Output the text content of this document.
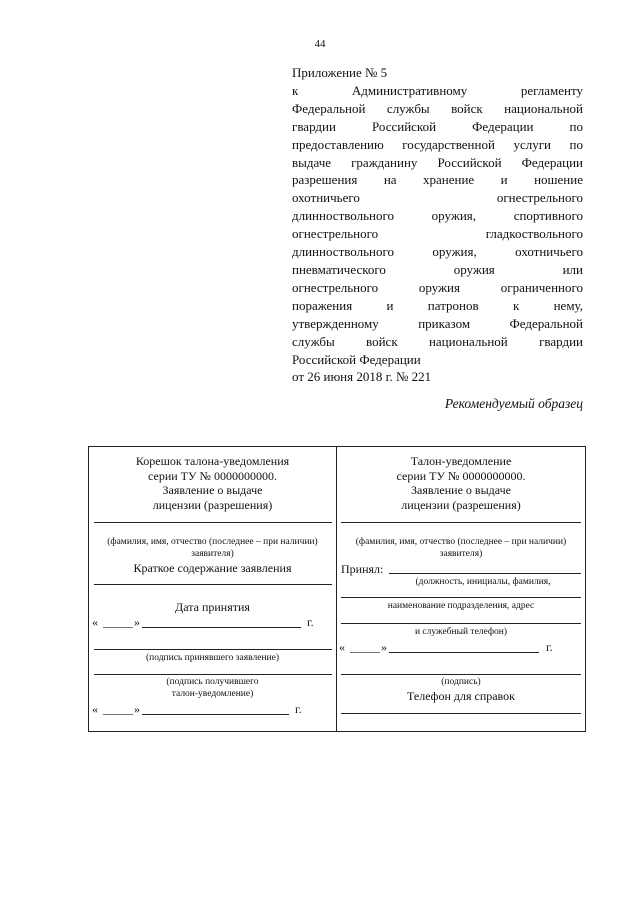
44
Приложение № 5
к Административному регламенту
Федеральной службы войск национальной
гвардии Российской Федерации по
предоставлению государственной услуги по
выдаче гражданину Российской Федерации
разрешения на хранение и ношение
охотничьего огнестрельного
длинноствольного оружия, спортивного
огнестрельного гладкоствольного
длинноствольного оружия, охотничьего
пневматического оружия или
огнестрельного оружия ограниченного
поражения и патронов к нему,
утвержденному приказом Федеральной
службы войск национальной гвардии
Российской Федерации
от 26 июня 2018 г. № 221
Рекомендуемый образец
Корешок талона-уведомления
серии ТУ № 0000000000.
Заявление о выдаче
лицензии (разрешения)
(фамилия, имя, отчество (последнее – при наличии)
заявителя)
Краткое содержание заявления
Дата принятия
« _____ »	г.
(подпись принявшего заявление)
(подпись получившего
талон-уведомление)
« _____ »	г.
Талон-уведомление
серии ТУ № 0000000000.
Заявление о выдаче
лицензии (разрешения)
(фамилия, имя, отчество (последнее – при наличии)
заявителя)
Принял:
(должность, инициалы, фамилия,
наименование подразделения, адрес
и служебный телефон)
« _____ »	г.
(подпись)
Телефон для справок
